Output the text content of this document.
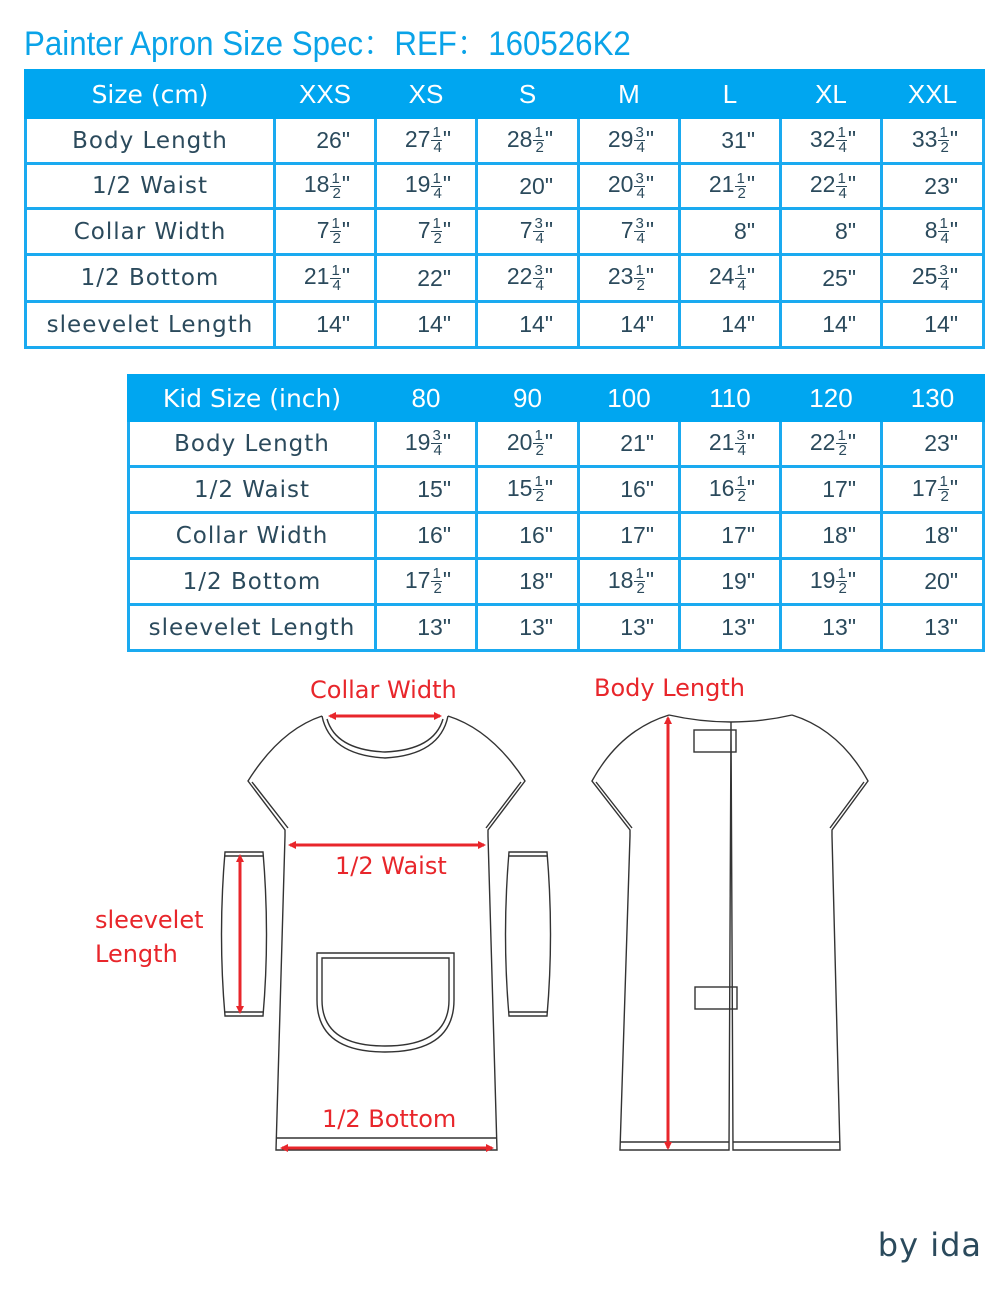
Painter Apron Size Spec：REF：160526K2
Size (cm)	XXS	XS	S	M	L	XL	XXL
Body Length	26"	$27 \frac{1}{4}$ "	$28 \frac{1}{2}$ "	$29 \frac{3}{4}$ "	31"	$32 \frac{1}{4}$ "	$33 \frac{1}{2}$ "
1/2 Waist	$18 \frac{1}{2}$ "	$19 \frac{1}{4}$ "	20"	$20 \frac{3}{4}$ "	$21 \frac{1}{2}$ "	$22 \frac{1}{4}$ "	23"
Collar Width	$7 \frac{1}{2}$ "	$7 \frac{1}{2}$ "	$7 \frac{3}{4}$ "	$7 \frac{3}{4}$ "	8"	8"	$8 \frac{1}{4}$ "
1/2 Bottom	$21 \frac{1}{4}$ "	22"	$22 \frac{3}{4}$ "	$23 \frac{1}{2}$ "	$24 \frac{1}{4}$ "	25"	$25 \frac{3}{4}$ "
sleevelet Length	14"	14"	14"	14"	14"	14"	14"
Kid Size (inch)	80	90	100	110	120	130
Body Length	$19 \frac{3}{4}$ "	$20 \frac{1}{2}$ "	21"	$21 \frac{3}{4}$ "	$22 \frac{1}{2}$ "	23"
1/2 Waist	15"	$15 \frac{1}{2}$ "	16"	$16 \frac{1}{2}$ "	17"	$17 \frac{1}{2}$ "
Collar Width	16"	16"	17"	17"	18"	18"
1/2 Bottom	$17 \frac{1}{2}$ "	18"	$18 \frac{1}{2}$ "	19"	$19 \frac{1}{2}$ "	20"
sleevelet Length	13"	13"	13"	13"	13"	13"
Collar Width
1/2 Waist
sleevelet
Length
1/2 Bottom
Body Length
by ida
